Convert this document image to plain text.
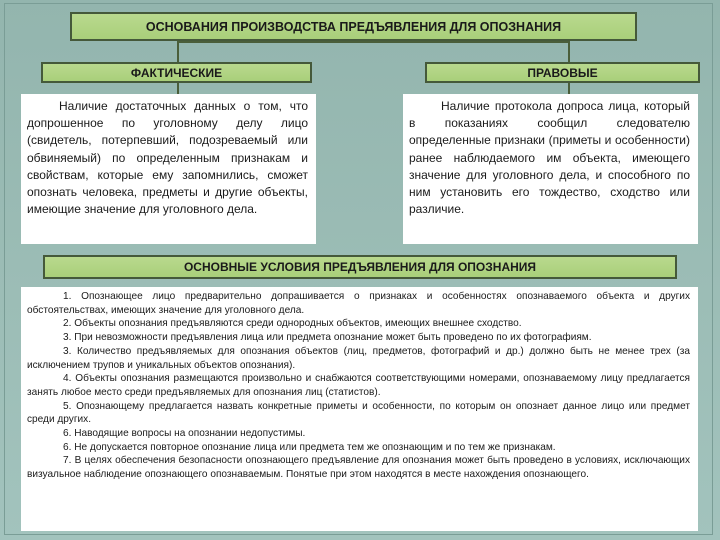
ОСНОВАНИЯ ПРОИЗВОДСТВА ПРЕДЪЯВЛЕНИЯ ДЛЯ ОПОЗНАНИЯ
ФАКТИЧЕСКИЕ	ПРАВОВЫЕ
Наличие достаточных данных о том, что допрошенное по уголовному делу лицо (свидетель, потерпевший, подозреваемый или обвиняемый) по определенным признакам и свойствам, которые ему запомнились, сможет опознать человека, предметы и другие объекты, имеющие значение для уголовного дела.
Наличие протокола допроса лица, который в показаниях сообщил следователю определенные признаки (приметы и особенности) ранее наблюдаемого им объекта, имеющего значение для уголовного дела, и способного по ним установить его тождество, сходство или различие.
ОСНОВНЫЕ УСЛОВИЯ ПРЕДЪЯВЛЕНИЯ ДЛЯ ОПОЗНАНИЯ

1. Опознающее лицо предварительно допрашивается о признаках и особенностях опознаваемого объекта и других обстоятельствах, имеющих значение для уголовного дела.

2. Объекты опознания предъявляются среди однородных объектов, имеющих внешнее сходство.

3. При невозможности предъявления лица или предмета опознание может быть проведено по их фотографиям.

3. Количество предъявляемых для опознания объектов (лиц, предметов, фотографий и др.) должно быть не менее трех (за исключением трупов и уникальных объектов опознания).

4. Объекты опознания размещаются произвольно и снабжаются соответствующими номерами, опознаваемому лицу предлагается занять любое место среди предъявляемых для опознания лиц (статистов).

5. Опознающему предлагается назвать конкретные приметы и особенности, по которым он опознает данное лицо или предмет среди других.

6. Наводящие вопросы на опознании недопустимы.

6. Не допускается повторное опознание лица или предмета тем же опознающим и по тем же признакам.

7. В целях обеспечения безопасности опознающего предъявление для опознания может быть проведено в условиях, исключающих визуальное наблюдение опознающего опознаваемым. Понятые при этом находятся в месте нахождения опознающего.
